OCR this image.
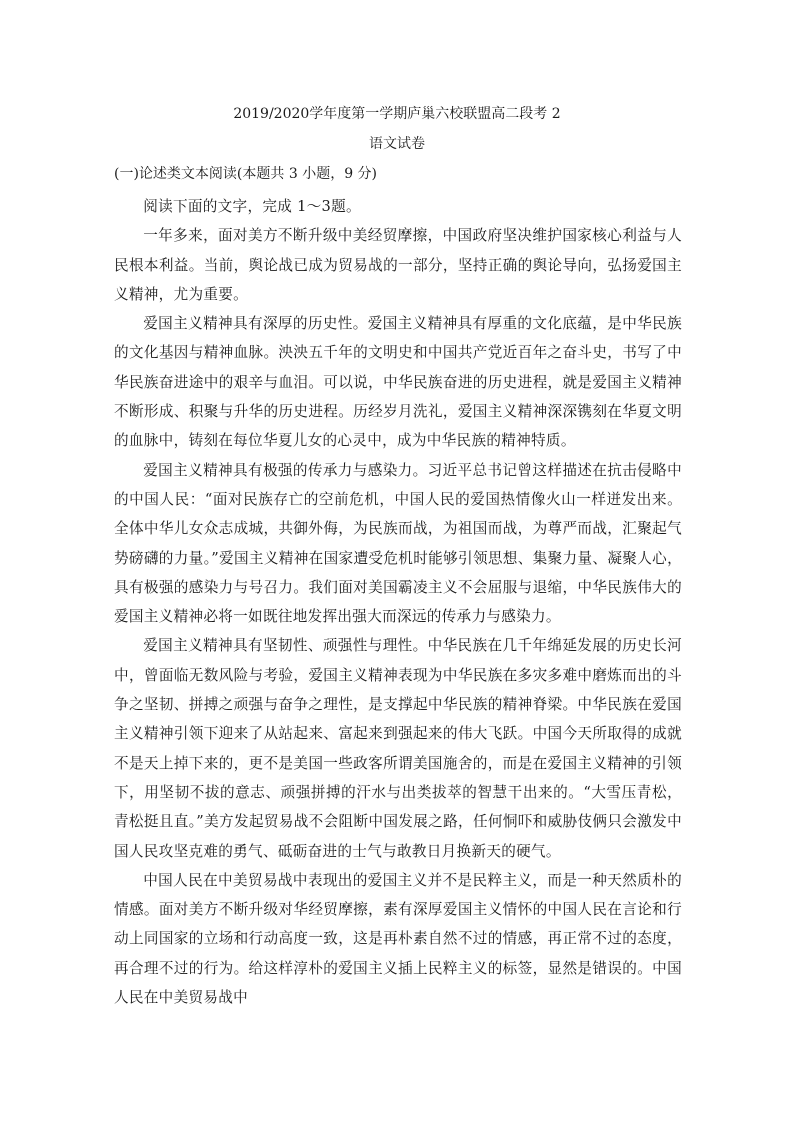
2019/2020学年度第一学期庐巢六校联盟高二段考 2
语文试卷
(一)论述类文本阅读(本题共 3 小题，9 分)

阅读下面的文字，完成 1～3题。

一年多来，面对美方不断升级中美经贸摩擦，中国政府坚决维护国家核心利益与人民根本利益。当前，舆论战已成为贸易战的一部分，坚持正确的舆论导向，弘扬爱国主义精神，尤为重要。

爱国主义精神具有深厚的历史性。爱国主义精神具有厚重的文化底蕴，是中华民族的文化基因与精神血脉。泱泱五千年的文明史和中国共产党近百年之奋斗史，书写了中华民族奋进途中的艰辛与血泪。可以说，中华民族奋进的历史进程，就是爱国主义精神不断形成、积聚与升华的历史进程。历经岁月洗礼，爱国主义精神深深镌刻在华夏文明的血脉中，铸刻在每位华夏儿女的心灵中，成为中华民族的精神特质。

爱国主义精神具有极强的传承力与感染力。习近平总书记曾这样描述在抗击侵略中的中国人民：“面对民族存亡的空前危机，中国人民的爱国热情像火山一样迸发出来。全体中华儿女众志成城，共御外侮，为民族而战，为祖国而战，为尊严而战，汇聚起气势磅礴的力量。”爱国主义精神在国家遭受危机时能够引领思想、集聚力量、凝聚人心，具有极强的感染力与号召力。我们面对美国霸凌主义不会屈服与退缩，中华民族伟大的爱国主义精神必将一如既往地发挥出强大而深远的传承力与感染力。

爱国主义精神具有坚韧性、顽强性与理性。中华民族在几千年绵延发展的历史长河中，曾面临无数风险与考验，爱国主义精神表现为中华民族在多灾多难中磨炼而出的斗争之坚韧、拼搏之顽强与奋争之理性，是支撑起中华民族的精神脊梁。中华民族在爱国主义精神引领下迎来了从站起来、富起来到强起来的伟大飞跃。中国今天所取得的成就不是天上掉下来的，更不是美国一些政客所谓美国施舍的，而是在爱国主义精神的引领下，用坚韧不拔的意志、顽强拼搏的汗水与出类拔萃的智慧干出来的。“大雪压青松，青松挺且直。”美方发起贸易战不会阻断中国发展之路，任何恫吓和威胁伎俩只会激发中国人民攻坚克难的勇气、砥砺奋进的士气与敢教日月换新天的硬气。

中国人民在中美贸易战中表现出的爱国主义并不是民粹主义，而是一种天然质朴的情感。面对美方不断升级对华经贸摩擦，素有深厚爱国主义情怀的中国人民在言论和行动上同国家的立场和行动高度一致，这是再朴素自然不过的情感，再正常不过的态度，再合理不过的行为。给这样淳朴的爱国主义插上民粹主义的标签，显然是错误的。中国人民在中美贸易战中
